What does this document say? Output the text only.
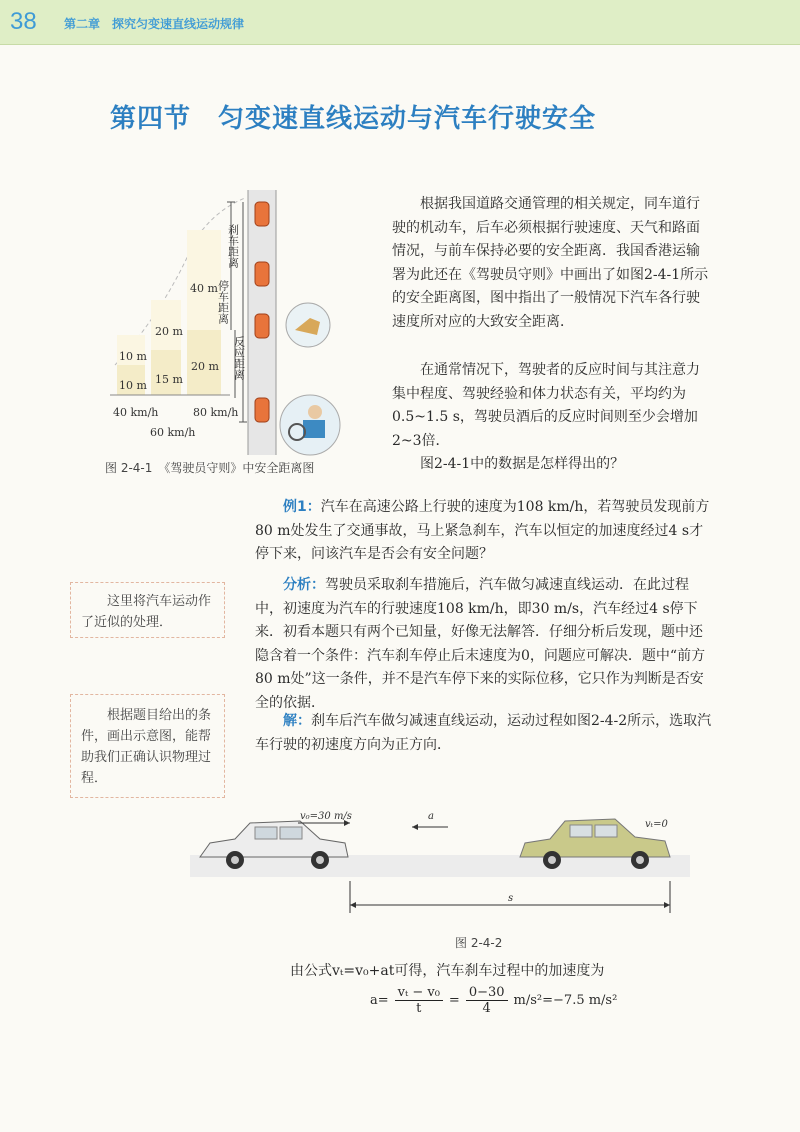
38 第二章　探究匀变速直线运动规律
第四节　匀变速直线运动与汽车行驶安全
10 m
10 m
20 m
15 m
40 m
20 m
40 km/h	80 km/h
60 km/h
刹车距离
停车距离
反应距离
图 2-4-1　《驾驶员守则》中安全距离图
根据我国道路交通管理的相关规定，同车道行驶的机动车，后车必须根据行驶速度、天气和路面情况，与前车保持必要的安全距离．我国香港运输署为此还在《驾驶员守则》中画出了如图2-4-1所示的安全距离图，图中指出了一般情况下汽车各行驶速度所对应的大致安全距离．
在通常情况下，驾驶者的反应时间与其注意力集中程度、驾驶经验和体力状态有关，平均约为0.5~1.5 s，驾驶员酒后的反应时间则至少会增加2~3倍．
图2-4-1中的数据是怎样得出的？
例1：汽车在高速公路上行驶的速度为108 km/h，若驾驶员发现前方80 m处发生了交通事故，马上紧急刹车，汽车以恒定的加速度经过4 s才停下来，问该汽车是否会有安全问题？
分析：驾驶员采取刹车措施后，汽车做匀减速直线运动．在此过程中，初速度为汽车的行驶速度108 km/h，即30 m/s，汽车经过4 s停下来．初看本题只有两个已知量，好像无法解答．仔细分析后发现，题中还隐含着一个条件：汽车刹车停止后末速度为0，问题应可解决．题中“前方80 m处”这一条件，并不是汽车停下来的实际位移，它只作为判断是否安全的依据．
解：刹车后汽车做匀减速直线运动，运动过程如图2-4-2所示，选取汽车行驶的初速度方向为正方向．
这里将汽车运动作了近似的处理．
根据题目给出的条件，画出示意图，能帮助我们正确认识物理过程．
v₀=30 m/s	a
vₜ=0
s
图 2-4-2
由公式vₜ=v₀+at可得，汽车刹车过程中的加速度为
$a= \frac{\text{vₜ − v₀}}{t} = \frac{0-30}{4} m/s^2=-7.5$ m/s²
